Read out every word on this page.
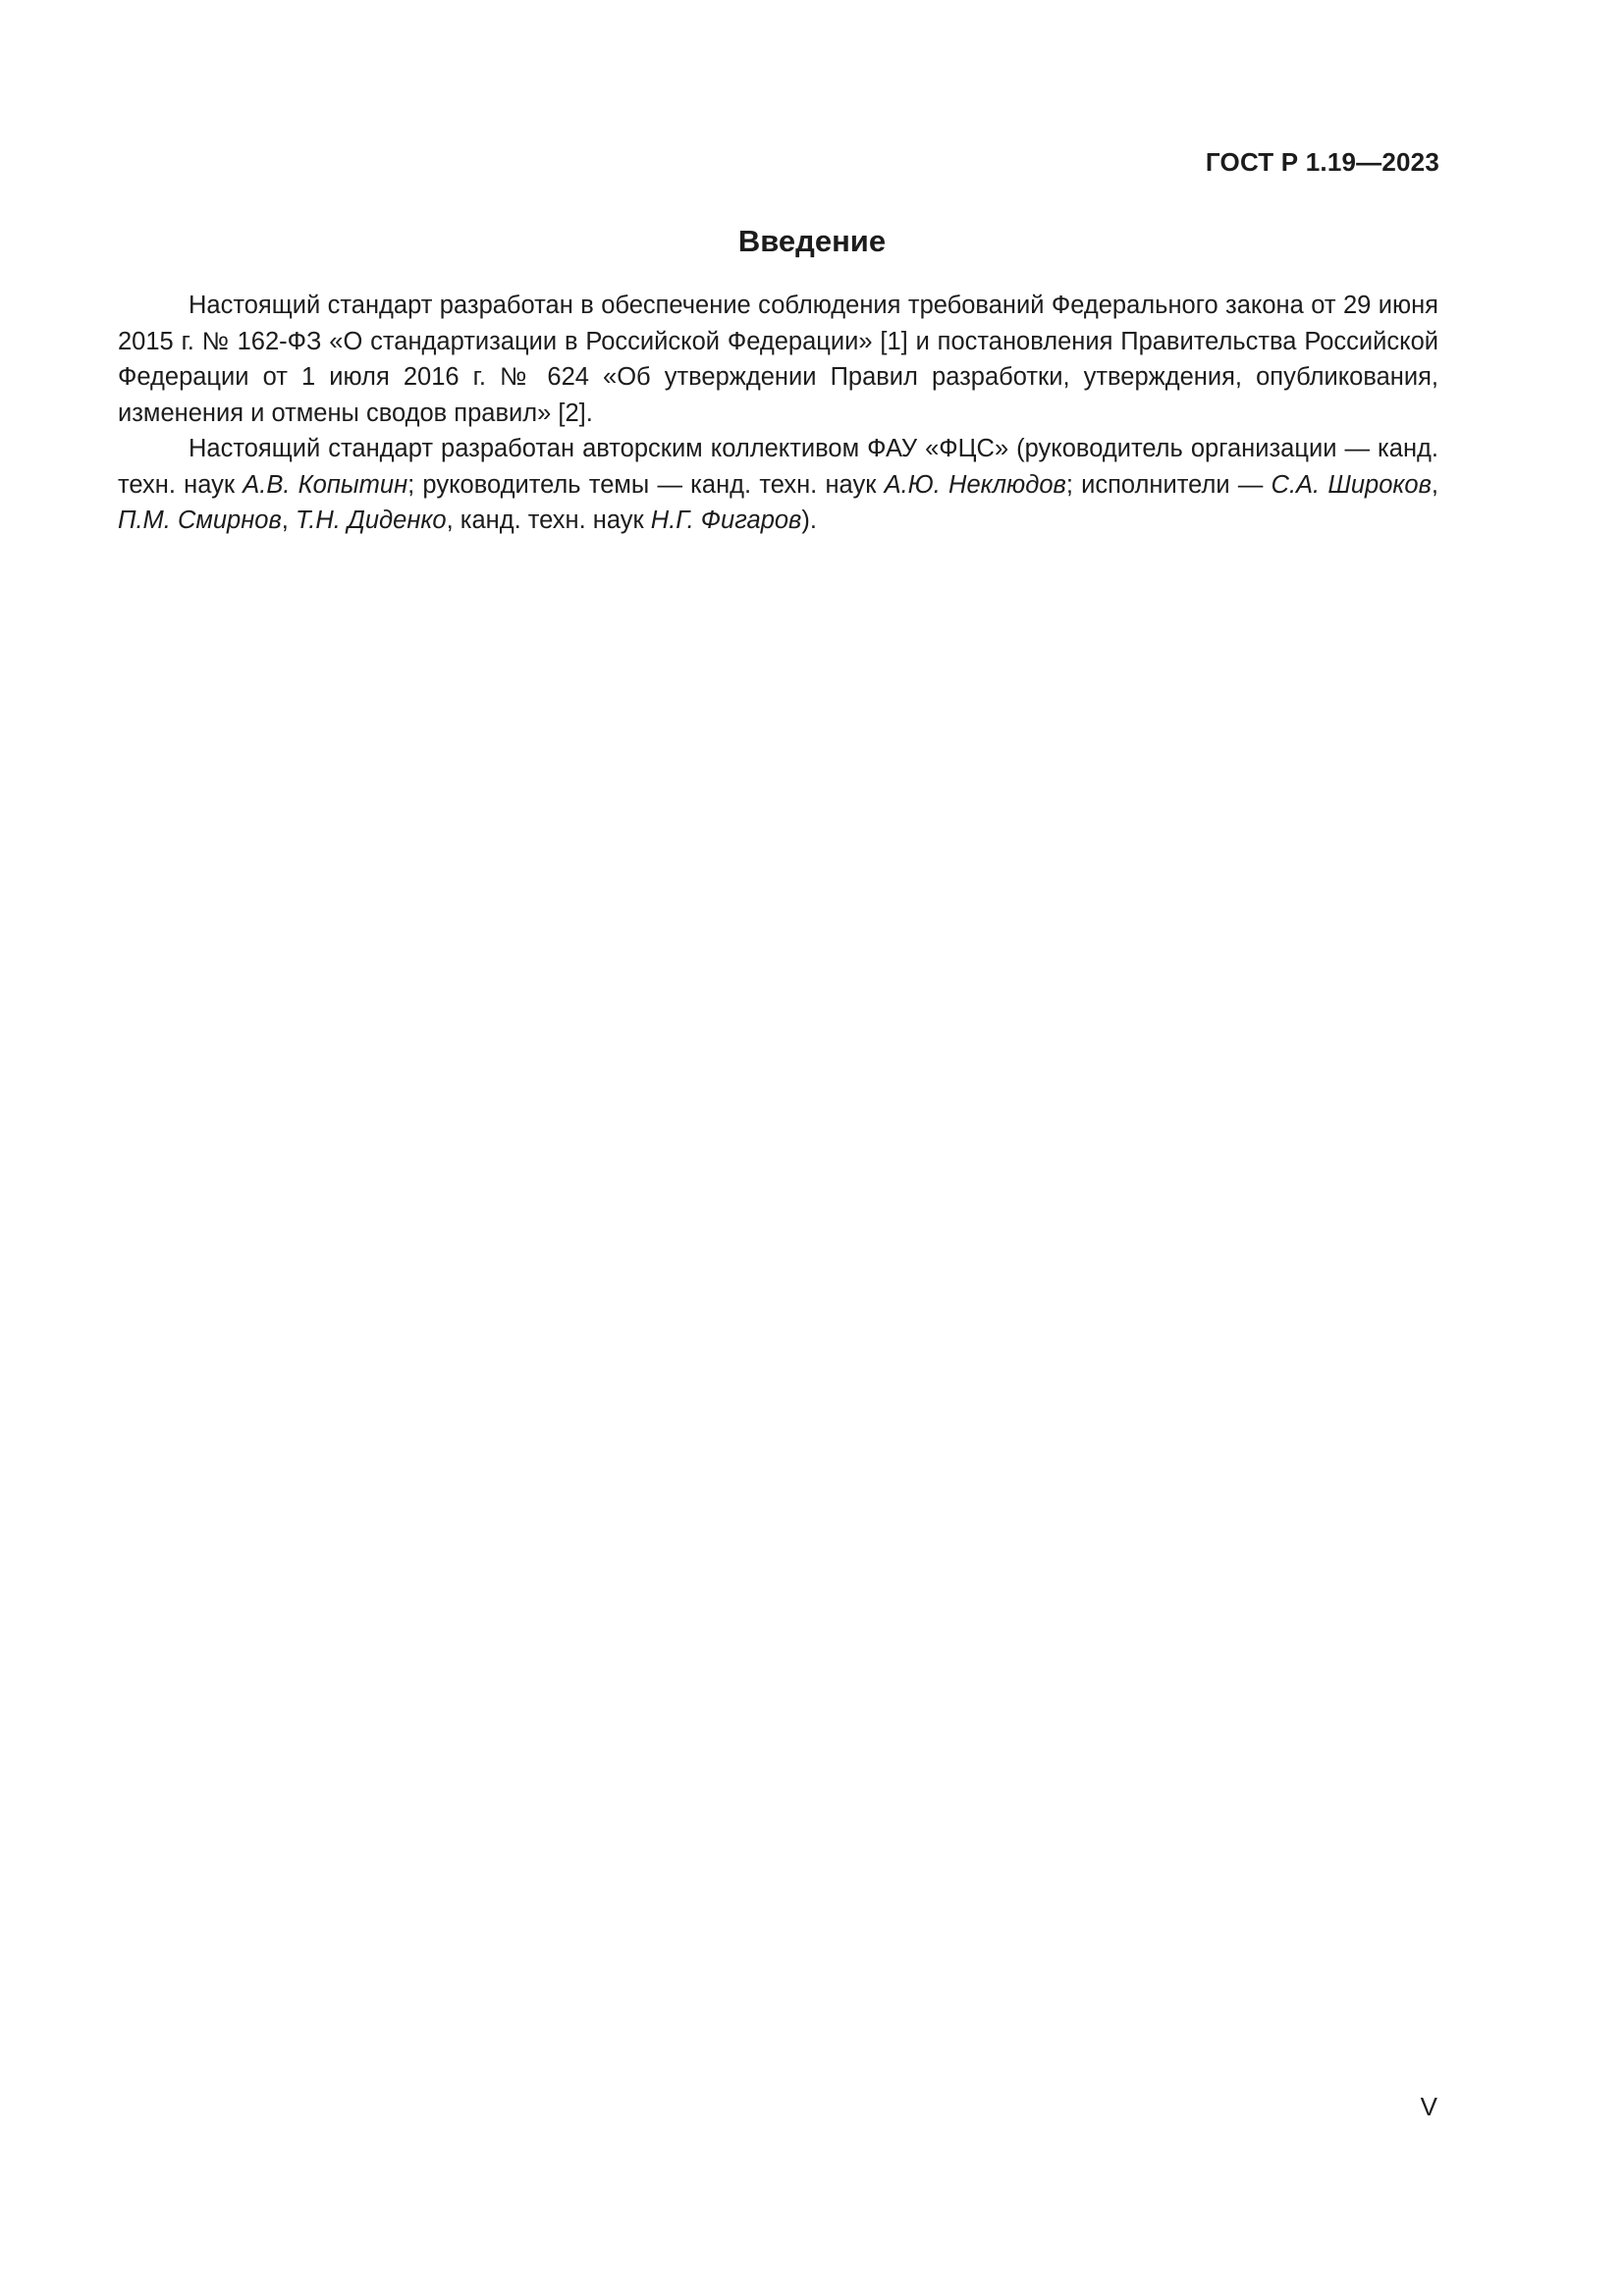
ГОСТ Р 1.19—2023
Введение

Настоящий стандарт разработан в обеспечение соблюдения требований Федерального закона от 29 июня 2015 г. № 162-ФЗ «О стандартизации в Российской Федерации» [1] и постановления Правительства Российской Федерации от 1 июля 2016 г. № 624 «Об утверждении Правил разработки, утверждения, опубликования, изменения и отмены сводов правил» [2].

Настоящий стандарт разработан авторским коллективом ФАУ «ФЦС» (руководитель организации — канд. техн. наук А.В. Копытин; руководитель темы — канд. техн. наук А.Ю. Неклюдов; исполнители — С.А. Широков, П.М. Смирнов, Т.Н. Диденко, канд. техн. наук Н.Г. Фигаров).

V
